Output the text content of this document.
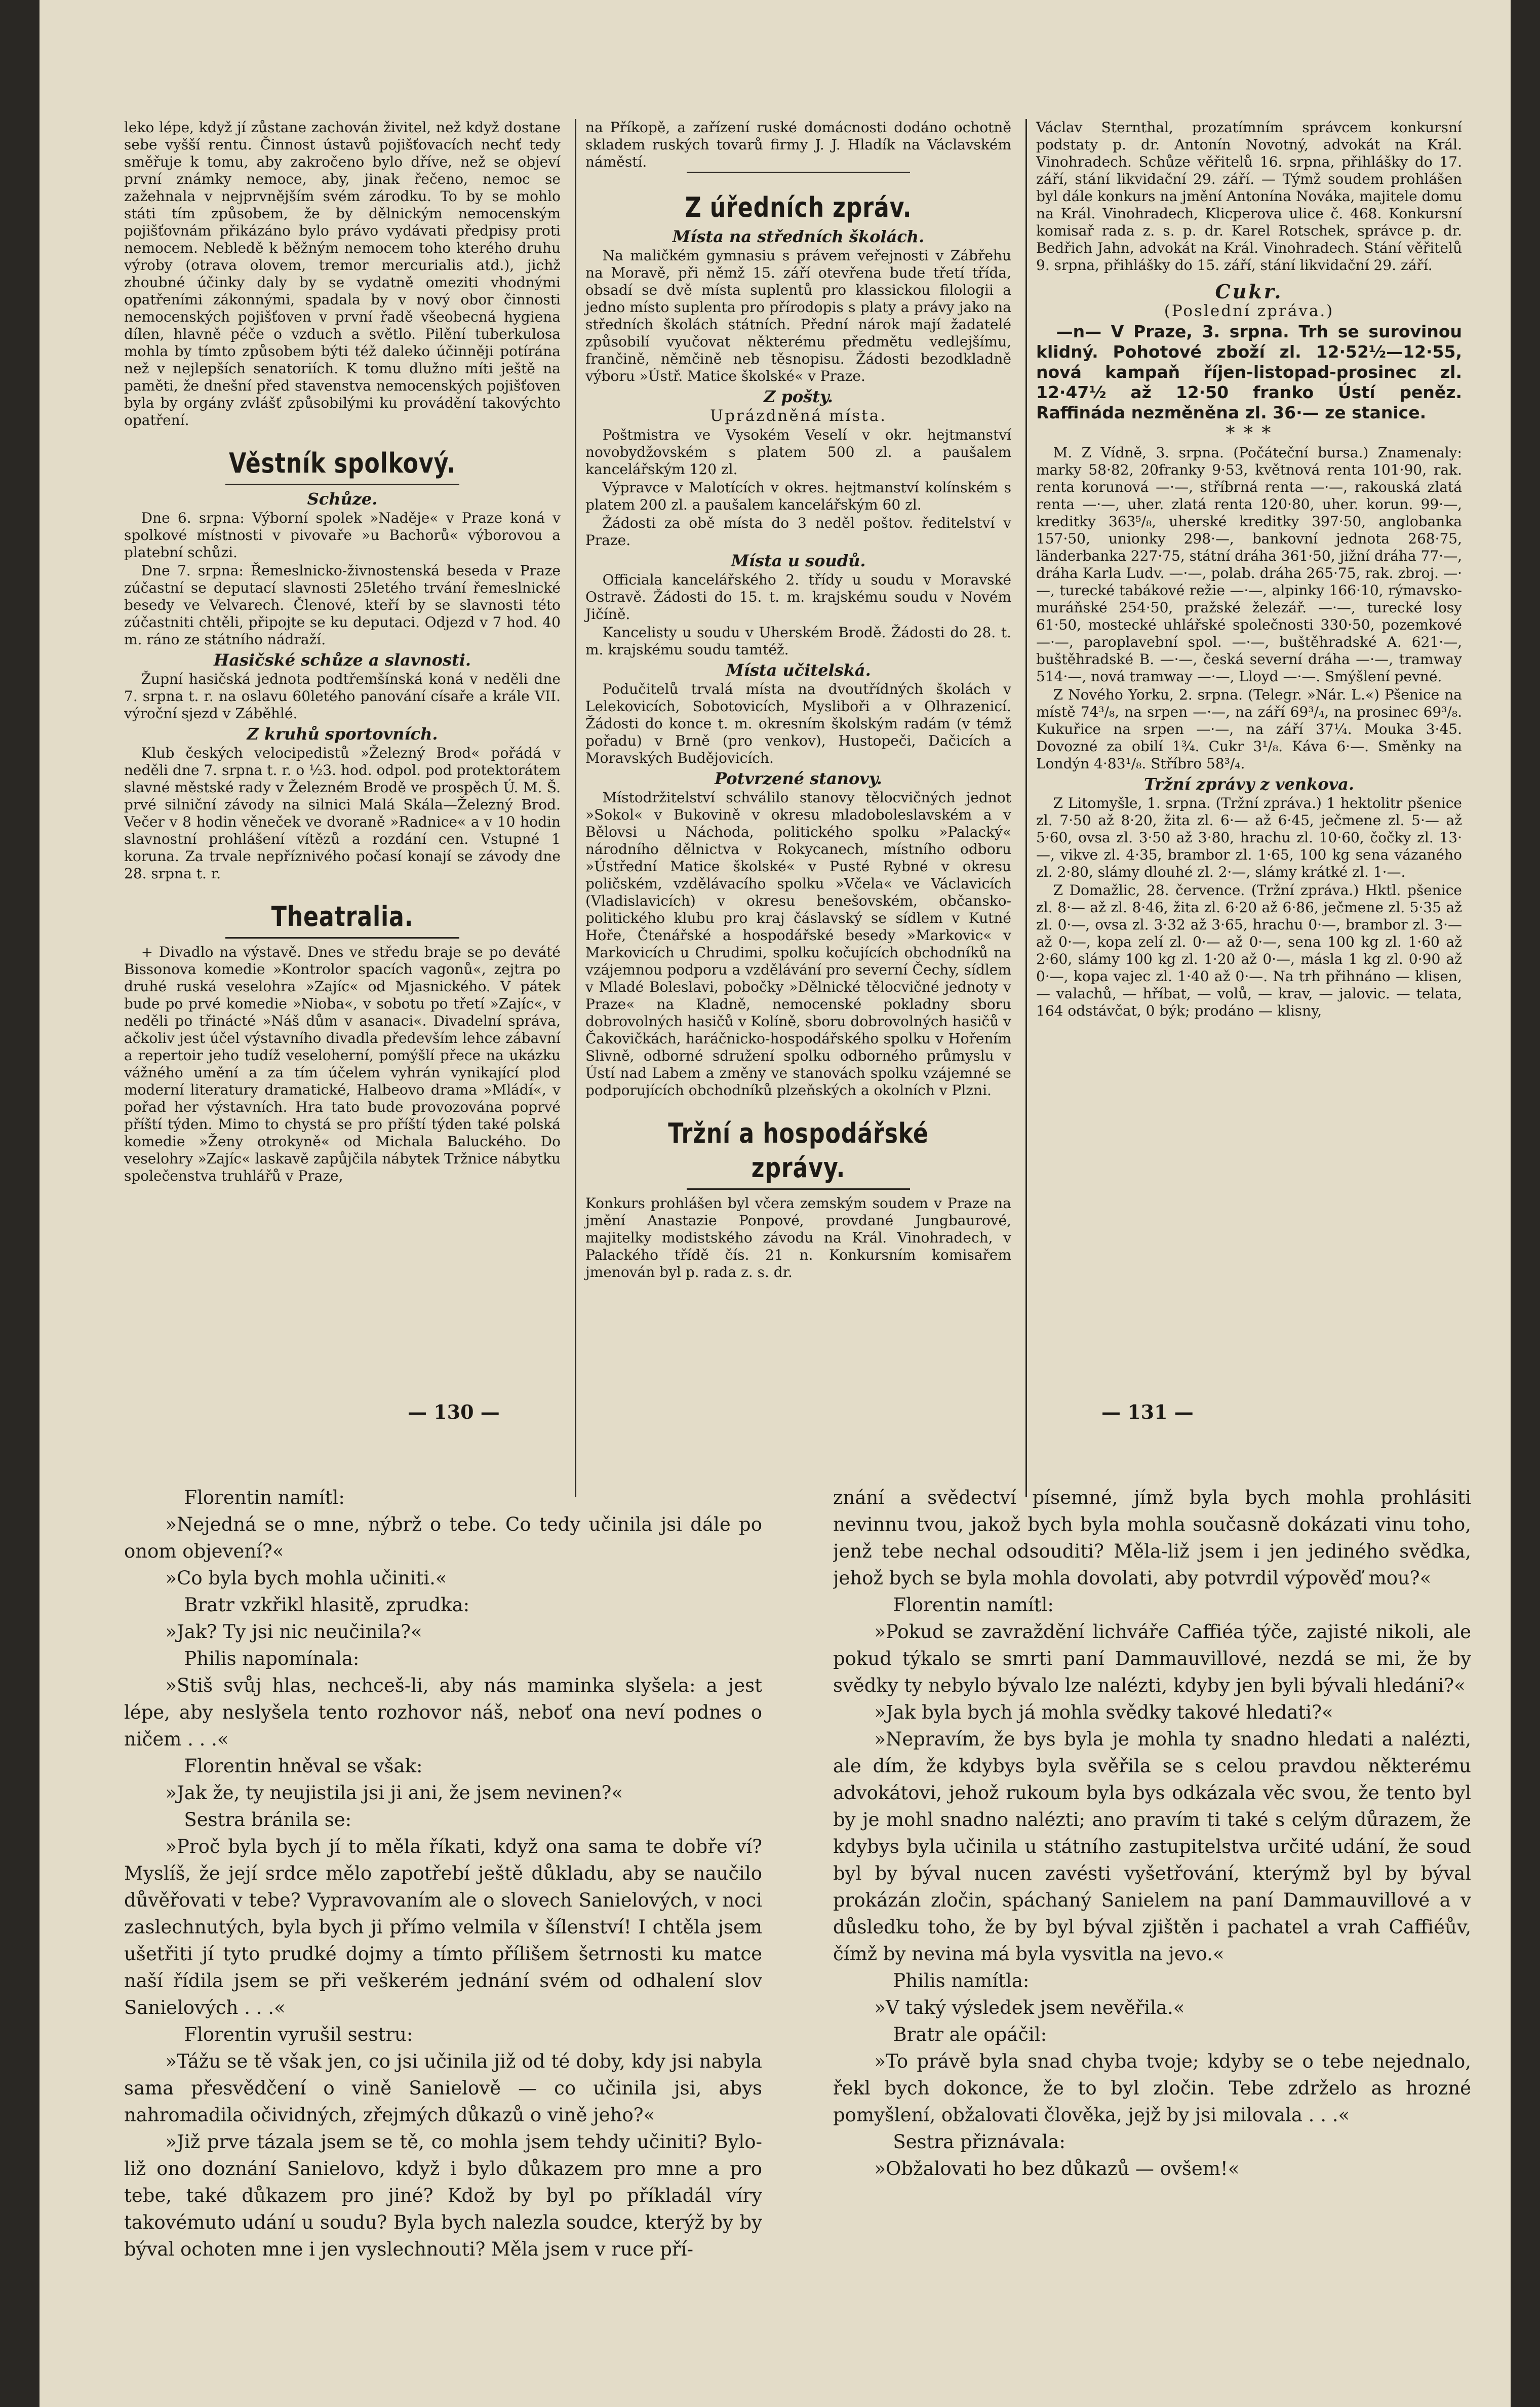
leko lépe, když jí zůstane zachován živitel, než když dostane sebe vyšší rentu. Činnost ústavů pojišťovacích nechť tedy směřuje k tomu, aby zakročeno bylo dříve, než se objeví první známky nemoce, aby, jinak řečeno, nemoc se zažehnala v nejprvnějším svém zárodku. To by se mohlo státi tím způsobem, že by dělnickým nemocenským pojišťovnám přikázáno bylo právo vydávati předpisy proti nemocem. Nebledě k běžným nemocem toho kterého druhu výroby (otrava olovem, tremor mercurialis atd.), jichž zhoubné účinky daly by se vydatně omeziti vhodnými opatřeními zákonnými, spadala by v nový obor činnosti nemocenských pojišťoven v první řadě všeobecná hygiena dílen, hlavně péče o vzduch a světlo. Pilění tuberkulosa mohla by tímto způsobem býti též daleko účinněji potírána než v nejlepších senatoriích. K tomu dlužno míti ještě na paměti, že dnešní před stavenstva nemocenských pojišťoven byla by orgány zvlášť způsobilými ku provádění takovýchto opatření.

Věstník spolkový.
Schůze.

Dne 6. srpna: Výborní spolek »Naděje« v Praze koná v spolkové místnosti v pivovaře »u Bachorů« výborovou a platební schůzi.

Dne 7. srpna: Řemeslnicko-živnostenská beseda v Praze zúčastní se deputací slavnosti 25letého trvání řemeslnické besedy ve Velvarech. Členové, kteří by se slavnosti této zúčastniti chtěli, připojte se ku deputaci. Odjezd v 7 hod. 40 m. ráno ze státního nádraží.

Hasičské schůze a slavnosti.

Župní hasičská jednota podtřemšínská koná v neděli dne 7. srpna t. r. na oslavu 60letého panování císaře a krále VII. výroční sjezd v Záběhlé.

Z kruhů sportovních.

Klub českých velocipedistů »Železný Brod« pořádá v neděli dne 7. srpna t. r. o ½3. hod. odpol. pod protektorátem slavné městské rady v Železném Brodě ve prospěch Ú. M. Š. prvé silniční závody na silnici Malá Skála—Železný Brod. Večer v 8 hodin věneček ve dvoraně »Radnice« a v 10 hodin slavnostní prohlášení vítězů a rozdání cen. Vstupné 1 koruna. Za trvale nepříznivého počasí konají se závody dne 28. srpna t. r.

Theatralia.

+ Divadlo na výstavě. Dnes ve středu braje se po deváté Bissonova komedie »Kontrolor spacích vagonů«, zejtra po druhé ruská veselohra »Zajíc« od Mjasnického. V pátek bude po prvé komedie »Nioba«, v sobotu po třetí »Zajíc«, v neděli po třinácté »Náš dům v asanaci«. Divadelní správa, ačkoliv jest účel výstavního divadla především lehce zábavní a repertoir jeho tudíž veseloherní, pomýšlí přece na ukázku vážného umění a za tím účelem vyhrán vynikající plod moderní literatury dramatické, Halbeovo drama »Mládí«, v pořad her výstavních. Hra tato bude provozována poprvé příští týden. Mimo to chystá se pro příští týden také polská komedie »Ženy otrokyně« od Michala Baluckého. Do veselohry »Zajíc« laskavě zapůjčila nábytek Tržnice nábytku společenstva truhlářů v Praze,

na Příkopě, a zařízení ruské domácnosti dodáno ochotně skladem ruských tovarů firmy J. J. Hladík na Václavském náměstí.

Z úředních zpráv.
Místa na středních školách.

Na maličkém gymnasiu s právem veřejnosti v Zábřehu na Moravě, při němž 15. září otevřena bude třetí třída, obsadí se dvě místa suplentů pro klassickou filologii a jedno místo suplenta pro přírodopis s platy a právy jako na středních školách státních. Přední nárok mají žadatelé způsobilí vyučovat některému předmětu vedlejšímu, frančině, němčině neb těsnopisu. Žádosti bezodkladně výboru »Ústř. Matice školské« v Praze.

Z pošty.
Uprázdněná místa.

Poštmistra ve Vysokém Veselí v okr. hejtmanství novobydžovském s platem 500 zl. a paušalem kancelářským 120 zl.

Výpravce v Malotících v okres. hejtmanství kolínském s platem 200 zl. a paušalem kancelářským 60 zl.

Žádosti za obě místa do 3 neděl poštov. ředitelství v Praze.

Místa u soudů.

Officiala kancelářského 2. třídy u soudu v Moravské Ostravě. Žádosti do 15. t. m. krajskému soudu v Novém Jičíně.

Kancelisty u soudu v Uherském Brodě. Žádosti do 28. t. m. krajskému soudu tamtéž.

Místa učitelská.

Podučitelů trvalá místa na dvoutřídných školách v Lelekovicích, Sobotovicích, Mysliboři a v Olhrazenicí. Žádosti do konce t. m. okresním školským radám (v témž pořadu) v Brně (pro venkov), Hustopeči, Dačicích a Moravských Budějovicích.

Potvrzené stanovy.

Místodržitelství schválilo stanovy tělocvičných jednot »Sokol« v Bukovině v okresu mladoboleslavském a v Bělovsi u Náchoda, politického spolku »Palacký« národního dělnictva v Rokycanech, místního odboru »Ústřední Matice školské« v Pusté Rybné v okresu poličském, vzdělávacího spolku »Včela« ve Václavicích (Vladislavicích) v okresu benešovském, občansko-politického klubu pro kraj čáslavský se sídlem v Kutné Hoře, Čtenářské a hospodářské besedy »Markovic« v Markovicích u Chrudimi, spolku kočujících obchodníků na vzájemnou podporu a vzdělávání pro severní Čechy, sídlem v Mladé Boleslavi, pobočky »Dělnické tělocvičné jednoty v Praze« na Kladně, nemocenské pokladny sboru dobrovolných hasičů v Kolíně, sboru dobrovolných hasičů v Čakovičkách, haráčnicko-hospodářského spolku v Hořením Slivně, odborné sdružení spolku odborného průmyslu v Ústí nad Labem a změny ve stanovách spolku vzájemné se podporujících obchodníků plzeňských a okolních v Plzni.

Tržní a hospodářské zprávy.

Konkurs prohlášen byl včera zemským soudem v Praze na jmění Anastazie Ponpové, provdané Jungbaurové, majitelky modistského závodu na Král. Vinohradech, v Palackého třídě čís. 21 n. Konkursním komisařem jmenován byl p. rada z. s. dr.

Václav Sternthal, prozatímním správcem konkursní podstaty p. dr. Antonín Novotný, advokát na Král. Vinohradech. Schůze věřitelů 16. srpna, přihlášky do 17. září, stání likvidační 29. září. — Týmž soudem prohlášen byl dále konkurs na jmění Antonína Nováka, majitele domu na Král. Vinohradech, Klicperova ulice č. 468. Konkursní komisař rada z. s. p. dr. Karel Rotschek, správce p. dr. Bedřich Jahn, advokát na Král. Vinohradech. Stání věřitelů 9. srpna, přihlášky do 15. září, stání likvidační 29. září.

Cukr.
(Poslední zpráva.)

—n— V Praze, 3. srpna. Trh se surovinou klidný. Pohotové zboží zl. 12·52½—12·55, nová kampaň říjen-listopad-prosinec zl. 12·47½ až 12·50 franko Ústí peněz. Raffináda nezměněna zl. 36·— ze stanice.

* * *

M. Z Vídně, 3. srpna. (Počáteční bursa.) Znamenaly: marky 58·82, 20franky 9·53, květnová renta 101·90, rak. renta korunová —·—, stříbrná renta —·—, rakouská zlatá renta —·—, uher. zlatá renta 120·80, uher. korun. 99·—, kreditky 363⁵/₈, uherské kreditky 397·50, anglobanka 157·50, unionky 298·—, bankovní jednota 268·75, länderbanka 227·75, státní dráha 361·50, jižní dráha 77·—, dráha Karla Ludv. —·—, polab. dráha 265·75, rak. zbroj. —·—, turecké tabákové režie —·—, alpinky 166·10, rýmavsko-muráňské 254·50, pražské železář. —·—, turecké losy 61·50, mostecké uhlářské společnosti 330·50, pozemkové —·—, paroplavební spol. —·—, buštěhradské A. 621·—, buštěhradské B. —·—, česká severní dráha —·—, tramway 514·—, nová tramway —·—, Lloyd —·—. Smýšlení pevné.

Z Nového Yorku, 2. srpna. (Telegr. »Nár. L.«) Pšenice na místě 74³/₈, na srpen —·—, na září 69³/₄, na prosinec 69³/₈. Kukuřice na srpen —·—, na září 37¼. Mouka 3·45. Dovozné za obilí 1¾. Cukr 3¹/₈. Káva 6·—. Směnky na Londýn 4·83¹/₈. Stříbro 58³/₄.

Tržní zprávy z venkova.

Z Litomyšle, 1. srpna. (Tržní zpráva.) 1 hektolitr pšenice zl. 7·50 až 8·20, žita zl. 6·— až 6·45, ječmene zl. 5·— až 5·60, ovsa zl. 3·50 až 3·80, hrachu zl. 10·60, čočky zl. 13·—, vikve zl. 4·35, brambor zl. 1·65, 100 kg sena vázaného zl. 2·80, slámy dlouhé zl. 2·—, slámy krátké zl. 1·—.

Z Domažlic, 28. července. (Tržní zpráva.) Hktl. pšenice zl. 8·— až zl. 8·46, žita zl. 6·20 až 6·86, ječmene zl. 5·35 až zl. 0·—, ovsa zl. 3·32 až 3·65, hrachu 0·—, brambor zl. 3·— až 0·—, kopa zelí zl. 0·— až 0·—, sena 100 kg zl. 1·60 až 2·60, slámy 100 kg zl. 1·20 až 0·—, másla 1 kg zl. 0·90 až 0·—, kopa vajec zl. 1·40 až 0·—. Na trh přihnáno — klisen, — valachů, — hříbat, — volů, — krav, — jalovic. — telata, 164 odstávčat, 0 býk; prodáno — klisny,

— 130 —	— 131 —

Florentin namítl:

»Nejedná se o mne, nýbrž o tebe. Co tedy učinila jsi dále po onom objevení?«

»Co byla bych mohla učiniti.«

Bratr vzkřikl hlasitě, zprudka:

»Jak? Ty jsi nic neučinila?«

Philis napomínala:

»Stiš svůj hlas, nechceš-li, aby nás maminka slyšela: a jest lépe, aby neslyšela tento rozhovor náš, neboť ona neví podnes o ničem . . .«

Florentin hněval se však:

»Jak že, ty neujistila jsi ji ani, že jsem nevinen?«

Sestra bránila se:

»Proč byla bych jí to měla říkati, když ona sama te dobře ví? Myslíš, že její srdce mělo zapotřebí ještě důkladu, aby se naučilo důvěřovati v tebe? Vypravovaním ale o slovech Sanielových, v noci zaslechnutých, byla bych ji přímo velmila v šílenství! I chtěla jsem ušetřiti jí tyto prudké dojmy a tímto přílišem šetrnosti ku matce naší řídila jsem se při veškerém jednání svém od odhalení slov Sanielových . . .«

Florentin vyrušil sestru:

»Tážu se tě však jen, co jsi učinila již od té doby, kdy jsi nabyla sama přesvědčení o vině Sanielově — co učinila jsi, abys nahromadila očividných, zřejmých důkazů o vině jeho?«

»Již prve tázala jsem se tě, co mohla jsem tehdy učiniti? Bylo-liž ono doznání Sanielovo, když i bylo důkazem pro mne a pro tebe, také důkazem pro jiné? Kdož by byl po příkladál víry takovémuto udání u soudu? Byla bych nalezla soudce, kterýž by by býval ochoten mne i jen vyslechnouti? Měla jsem v ruce pří-

znání a svědectví písemné, jímž byla bych mohla prohlásiti nevinnu tvou, jakož bych byla mohla současně dokázati vinu toho, jenž tebe nechal odsouditi? Měla-liž jsem i jen jediného svědka, jehož bych se byla mohla dovolati, aby potvrdil výpověď mou?«

Florentin namítl:

»Pokud se zavraždění lichváře Caffiéa týče, zajisté nikoli, ale pokud týkalo se smrti paní Dammauvillové, nezdá se mi, že by svědky ty nebylo bývalo lze nalézti, kdyby jen byli bývali hledáni?«

»Jak byla bych já mohla svědky takové hledati?«

»Nepravím, že bys byla je mohla ty snadno hledati a nalézti, ale dím, že kdybys byla svěřila se s celou pravdou některému advokátovi, jehož rukoum byla bys odkázala věc svou, že tento byl by je mohl snadno nalézti; ano pravím ti také s celým důrazem, že kdybys byla učinila u státního zastupitelstva určité udání, že soud byl by býval nucen zavésti vyšetřování, kterýmž byl by býval prokázán zločin, spáchaný Sanielem na paní Dammauvillové a v důsledku toho, že by byl býval zjištěn i pachatel a vrah Caffiéův, čímž by nevina má byla vysvitla na jevo.«

Philis namítla:

»V taký výsledek jsem nevěřila.«

Bratr ale opáčil:

»To právě byla snad chyba tvoje; kdyby se o tebe nejednalo, řekl bych dokonce, že to byl zločin. Tebe zdrželo as hrozné pomyšlení, obžalovati člověka, jejž by jsi milovala . . .«

Sestra přiznávala:

»Obžalovati ho bez důkazů — ovšem!«
